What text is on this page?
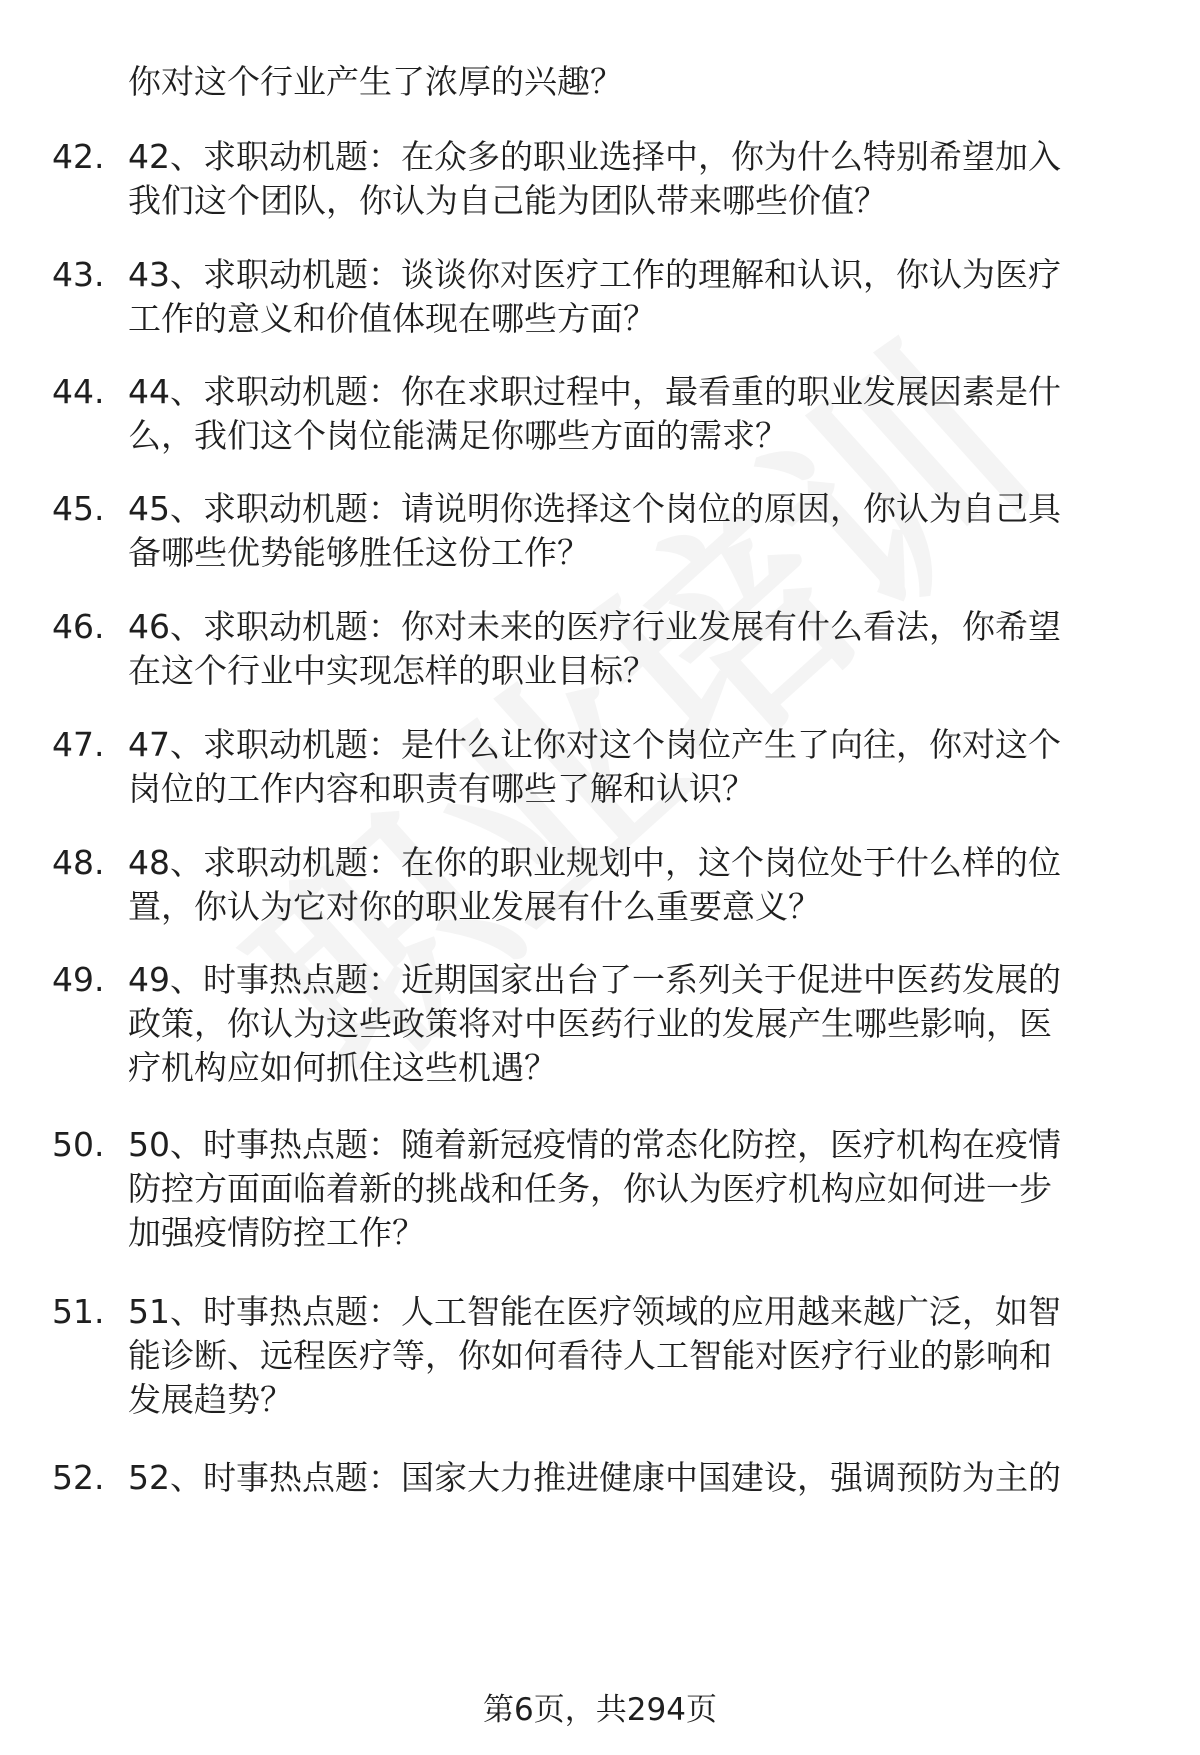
你对这个行业产生了浓厚的兴趣？
42. 42、求职动机题：在众多的职业选择中，你为什么特别希望加入
我们这个团队，你认为自己能为团队带来哪些价值？
43. 43、求职动机题：谈谈你对医疗工作的理解和认识，你认为医疗
工作的意义和价值体现在哪些方面？
44. 44、求职动机题：你在求职过程中，最看重的职业发展因素是什
么，我们这个岗位能满足你哪些方面的需求？
45. 45、求职动机题：请说明你选择这个岗位的原因，你认为自己具
备哪些优势能够胜任这份工作？
46. 46、求职动机题：你对未来的医疗行业发展有什么看法，你希望
在这个行业中实现怎样的职业目标？
47. 47、求职动机题：是什么让你对这个岗位产生了向往，你对这个
岗位的工作内容和职责有哪些了解和认识？
48. 48、求职动机题：在你的职业规划中，这个岗位处于什么样的位
置，你认为它对你的职业发展有什么重要意义？
49. 49、时事热点题：近期国家出台了一系列关于促进中医药发展的
政策，你认为这些政策将对中医药行业的发展产生哪些影响，医
疗机构应如何抓住这些机遇？
50. 50、时事热点题：随着新冠疫情的常态化防控，医疗机构在疫情
防控方面面临着新的挑战和任务，你认为医疗机构应如何进一步
加强疫情防控工作？
51. 51、时事热点题：人工智能在医疗领域的应用越来越广泛，如智
能诊断、远程医疗等，你如何看待人工智能对医疗行业的影响和
发展趋势？
52. 52、时事热点题：国家大力推进健康中国建设，强调预防为主的
第6页，共294页
